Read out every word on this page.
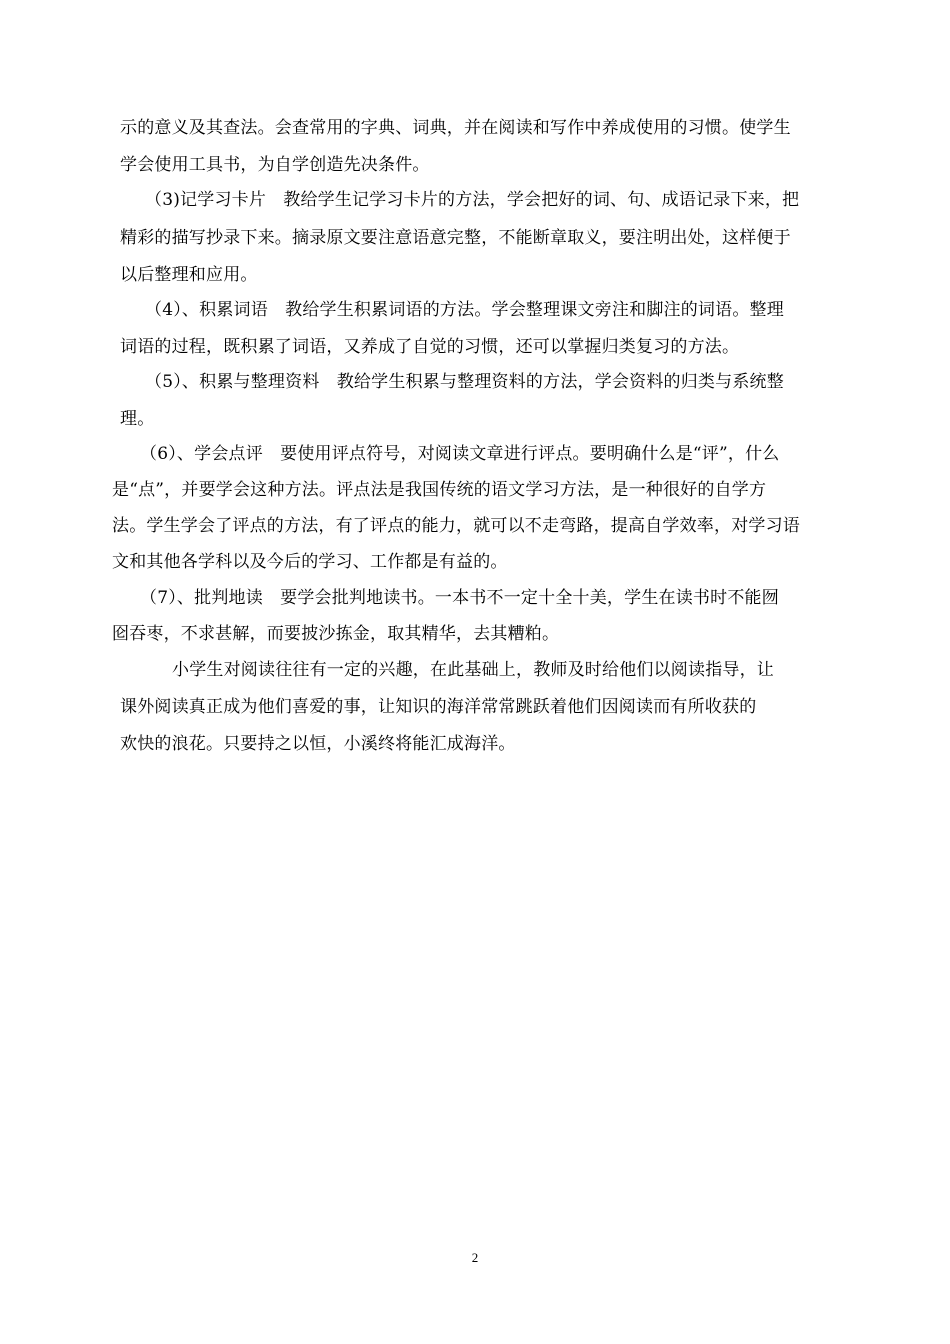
示的意义及其查法。会查常用的字典、词典，并在阅读和写作中养成使用的习惯。使学生
学会使用工具书，为自学创造先决条件。
（3)记学习卡片　教给学生记学习卡片的方法，学会把好的词、句、成语记录下来，把
精彩的描写抄录下来。摘录原文要注意语意完整，不能断章取义，要注明出处，这样便于
以后整理和应用。
（4）、积累词语　教给学生积累词语的方法。学会整理课文旁注和脚注的词语。整理
词语的过程，既积累了词语，又养成了自觉的习惯，还可以掌握归类复习的方法。
（5）、积累与整理资料　教给学生积累与整理资料的方法，学会资料的归类与系统整
理。
（6）、学会点评　要使用评点符号，对阅读文章进行评点。要明确什么是“评”，什么
是“点”，并要学会这种方法。评点法是我国传统的语文学习方法，是一种很好的自学方
法。学生学会了评点的方法，有了评点的能力，就可以不走弯路，提高自学效率，对学习语
文和其他各学科以及今后的学习、工作都是有益的。
（7）、批判地读　要学会批判地读书。一本书不一定十全十美，学生在读书时不能囫
囵吞枣，不求甚解，而要披沙拣金，取其精华，去其糟粕。
小学生对阅读往往有一定的兴趣，在此基础上，教师及时给他们以阅读指导，让
课外阅读真正成为他们喜爱的事，让知识的海洋常常跳跃着他们因阅读而有所收获的
欢快的浪花。只要持之以恒，小溪终将能汇成海洋。
2
